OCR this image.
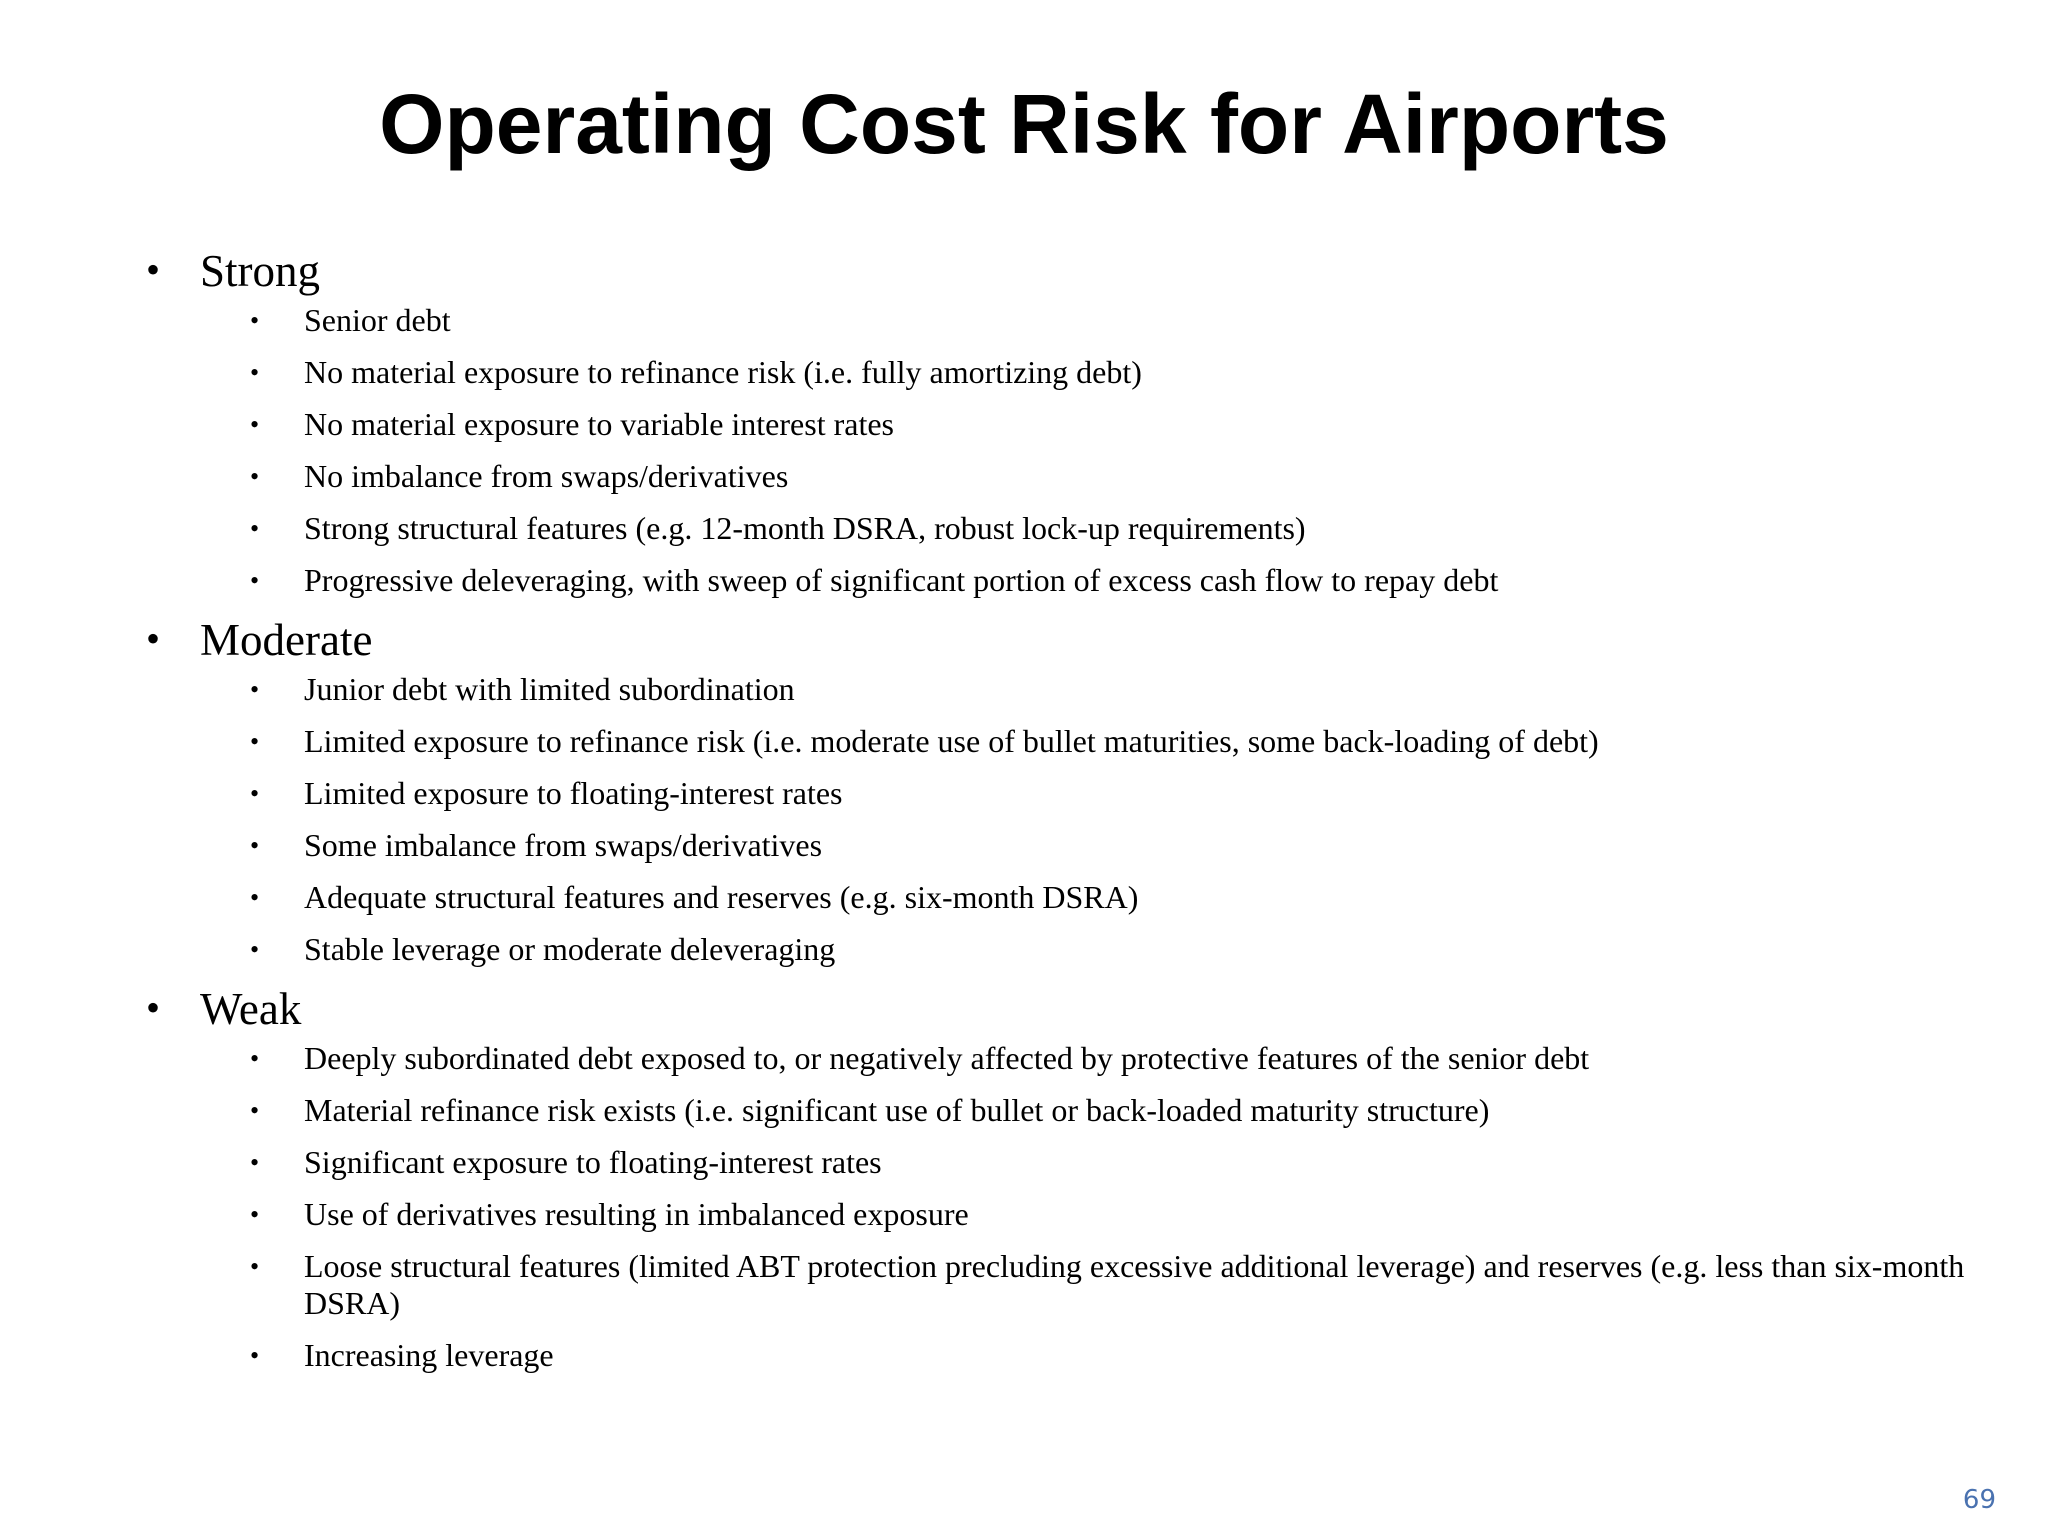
Operating Cost Risk for Airports
• Strong
• Senior debt
• No material exposure to refinance risk (i.e. fully amortizing debt)
• No material exposure to variable interest rates
• No imbalance from swaps/derivatives
• Strong structural features (e.g. 12-month DSRA, robust lock-up requirements)
• Progressive deleveraging, with sweep of significant portion of excess cash flow to repay debt
• Moderate
• Junior debt with limited subordination
• Limited exposure to refinance risk (i.e. moderate use of bullet maturities, some back-loading of debt)
• Limited exposure to floating-interest rates
• Some imbalance from swaps/derivatives
• Adequate structural features and reserves (e.g. six-month DSRA)
• Stable leverage or moderate deleveraging
• Weak
• Deeply subordinated debt exposed to, or negatively affected by protective features of the senior debt
• Material refinance risk exists (i.e. significant use of bullet or back-loaded maturity structure)
• Significant exposure to floating-interest rates
• Use of derivatives resulting in imbalanced exposure
• Loose structural features (limited ABT protection precluding excessive additional leverage) and reserves (e.g. less than six-month DSRA)
• Increasing leverage
69
